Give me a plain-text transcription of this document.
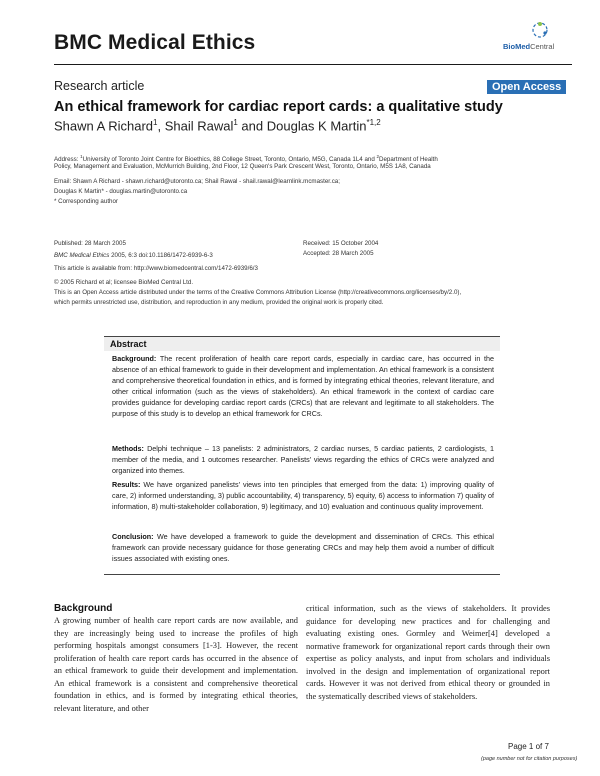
BMC Medical Ethics	BioMedCentral
Research article	Open Access
An ethical framework for cardiac report cards: a qualitative study
Shawn A Richard$^1$, Shail Rawal$^1$ and Douglas K Martin$^{*1,2}$
Address: $^1$University of Toronto Joint Centre for Bioethics, 88 College Street, Toronto, Ontario, M5G, Canada 1L4 and $^2$Department of Health
Policy, Management and Evaluation, McMurrich Building, 2nd Floor, 12 Queen's Park Crescent West, Toronto, Ontario, M5S 1A8, Canada
Email: Shawn A Richard - shawn.richard@utoronto.ca; Shail Rawal - shail.rawal@learnlink.mcmaster.ca;
Douglas K Martin* - douglas.martin@utoronto.ca
* Corresponding author
Published: 28 March 2005
BMC Medical Ethics 2005, 6:3 doi:10.1186/1472-6939-6-3
This article is available from: http://www.biomedcentral.com/1472-6939/6/3
Received: 15 October 2004
Accepted: 28 March 2005
© 2005 Richard et al; licensee BioMed Central Ltd.
This is an Open Access article distributed under the terms of the Creative Commons Attribution License (http://creativecommons.org/licenses/by/2.0),
which permits unrestricted use, distribution, and reproduction in any medium, provided the original work is properly cited.
Abstract
Background: The recent proliferation of health care report cards, especially in cardiac care, has occurred in the absence of an ethical framework to guide in their development and implementation. An ethical framework is a consistent and comprehensive theoretical foundation in ethics, and is formed by integrating ethical theories, relevant literature, and other critical information (such as the views of stakeholders). An ethical framework in the context of cardiac care provides guidance for developing cardiac report cards (CRCs) that are relevant and legitimate to all stakeholders. The purpose of this study is to develop an ethical framework for CRCs.
Methods: Delphi technique – 13 panelists: 2 administrators, 2 cardiac nurses, 5 cardiac patients, 2 cardiologists, 1 member of the media, and 1 outcomes researcher. Panelists' views regarding the ethics of CRCs were analyzed and organized into themes.
Results: We have organized panelists' views into ten principles that emerged from the data: 1) improving quality of care, 2) informed understanding, 3) public accountability, 4) transparency, 5) equity, 6) access to information 7) quality of information, 8) multi-stakeholder collaboration, 9) legitimacy, and 10) evaluation and continuous quality improvement.
Conclusion: We have developed a framework to guide the development and dissemination of CRCs. This ethical framework can provide necessary guidance for those generating CRCs and may help them avoid a number of difficult issues associated with existing ones.
Background
A growing number of health care report cards are now available, and they are increasingly being used to increase the profiles of high performing hospitals amongst consumers [1-3]. However, the recent proliferation of health care report cards has occurred in the absence of an ethical framework to guide their development and implementation. An ethical framework is a consistent and comprehensive theoretical foundation in ethics, and is formed by integrating ethical theories, relevant literature, and other
critical information, such as the views of stakeholders. It provides guidance for developing new practices and for challenging and evaluating existing ones. Gormley and Weimer[4] developed a normative framework for organizational report cards through their own expertise as policy analysts, and input from scholars and individuals involved in the design and implementation of organizational report cards. However it was not derived from ethical theory or grounded in the systematically described views of stakeholders.
Page 1 of 7
(page number not for citation purposes)
